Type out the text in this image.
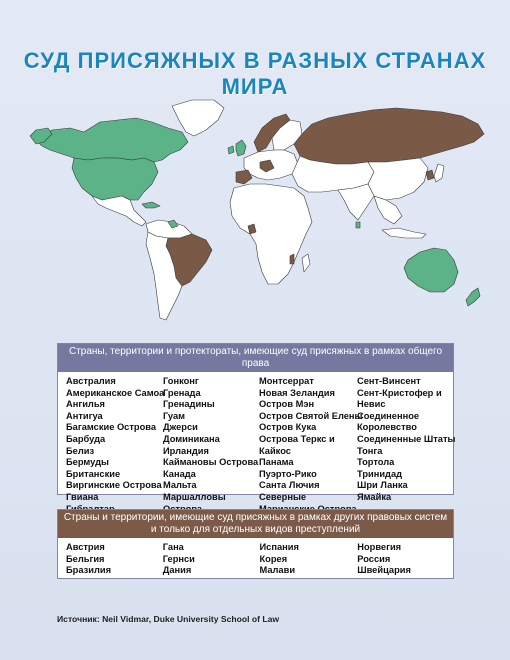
СУД ПРИСЯЖНЫХ В РАЗНЫХ СТРАНАХ МИРА
Страны, территории и протектораты, имеющие суд присяжных в рамках общего права
Австралия
Американское Самоа
Ангилья
Антигуа
Багамские Острова
Барбуда
Белиз
Бермуды
Британские
Виргинские Острова
Гвиана
Гонконг
Гренада
Гренадины
Гуам
Джерси
Доминикана
Ирландия
Каймановы Острова
Канада
Мальта
Маршалловы
Монтсеррат
Новая Зеландия
Остров Мэн
Остров Святой Елены
Остров Кука
Острова Теркс и
Кайкос
Панама
Пуэрто-Рико
Санта Лючия
Северные
Сент-Винсент
Сент-Кристофер и
Невис
Соединенное
Королевство
Соединенные Штаты
Тонга
Тортола
Тринидад
Шри Ланка
Ямайка
Страны и территории, имеющие суд присяжных в рамках других правовых систем и только для отдельных видов преступлений
Австрия
Бельгия
Бразилия
Гана
Гернси
Дания
Испания
Корея
Малави
Норвегия
Россия
Швейцария
Источник: Neil Vidmar, Duke University School of Law
